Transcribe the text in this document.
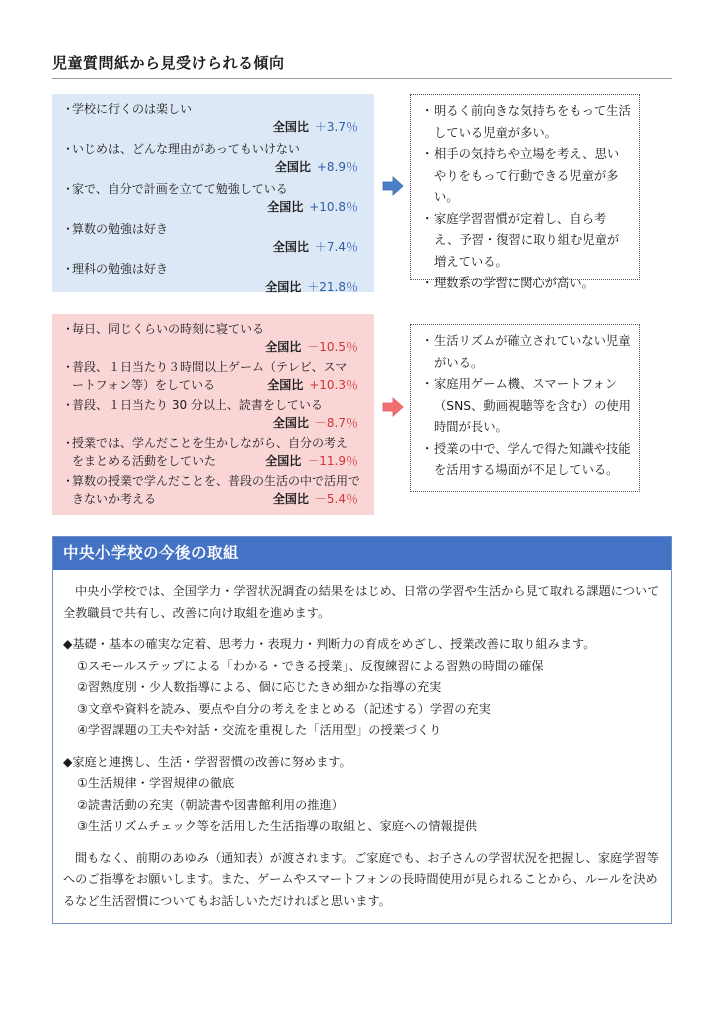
児童質問紙から見受けられる傾向
・学校に行くのは楽しい
全国比 ＋3.7％
・いじめは、どんな理由があってもいけない
全国比 +8.9％
・家で、自分で計画を立てて勉強している
全国比 +10.8％
・算数の勉強は好き
全国比 ＋7.4％
・理科の勉強は好き
全国比 ＋21.8％
・ 明るく前向きな気持ちをもって生活している児童が多い。
・ 相手の気持ちや立場を考え、思いやりをもって行動できる児童が多い。
・ 家庭学習習慣が定着し、自ら考え、予習・復習に取り組む児童が増えている。
・ 理数系の学習に関心が高い。
・毎日、同じくらいの時刻に寝ている
全国比 －10.5％
・普段、１日当たり３時間以上ゲーム（テレビ、スマ
ートフォン等）をしている	全国比 +10.3％
・普段、１日当たり 30 分以上、読書をしている
全国比 －8.7％
・授業では、学んだことを生かしながら、自分の考え
をまとめる活動をしていた	全国比 －11.9％
・算数の授業で学んだことを、普段の生活の中で活用で
きないか考える	全国比 －5.4％
・ 生活リズムが確立されていない児童がいる。
・ 家庭用ゲーム機、スマートフォン（SNS、動画視聴等を含む）の使用時間が長い。
・ 授業の中で、学んで得た知識や技能を活用する場面が不足している。
中央小学校の今後の取組

中央小学校では、全国学力・学習状況調査の結果をはじめ、日常の学習や生活から見て取れる課題について全教職員で共有し、改善に向け取組を進めます。

◆基礎・基本の確実な定着、思考力・表現力・判断力の育成をめざし、授業改善に取り組みます。

①スモールステップによる「わかる・できる授業」、反復練習による習熟の時間の確保

②習熟度別・少人数指導による、個に応じたきめ細かな指導の充実

③文章や資料を読み、要点や自分の考えをまとめる（記述する）学習の充実

④学習課題の工夫や対話・交流を重視した「活用型」の授業づくり

◆家庭と連携し、生活・学習習慣の改善に努めます。

①生活規律・学習規律の徹底

②読書活動の充実（朝読書や図書館利用の推進）

③生活リズムチェック等を活用した生活指導の取組と、家庭への情報提供

間もなく、前期のあゆみ（通知表）が渡されます。ご家庭でも、お子さんの学習状況を把握し、家庭学習等へのご指導をお願いします。また、ゲームやスマートフォンの長時間使用が見られることから、ルールを決めるなど生活習慣についてもお話しいただければと思います。
